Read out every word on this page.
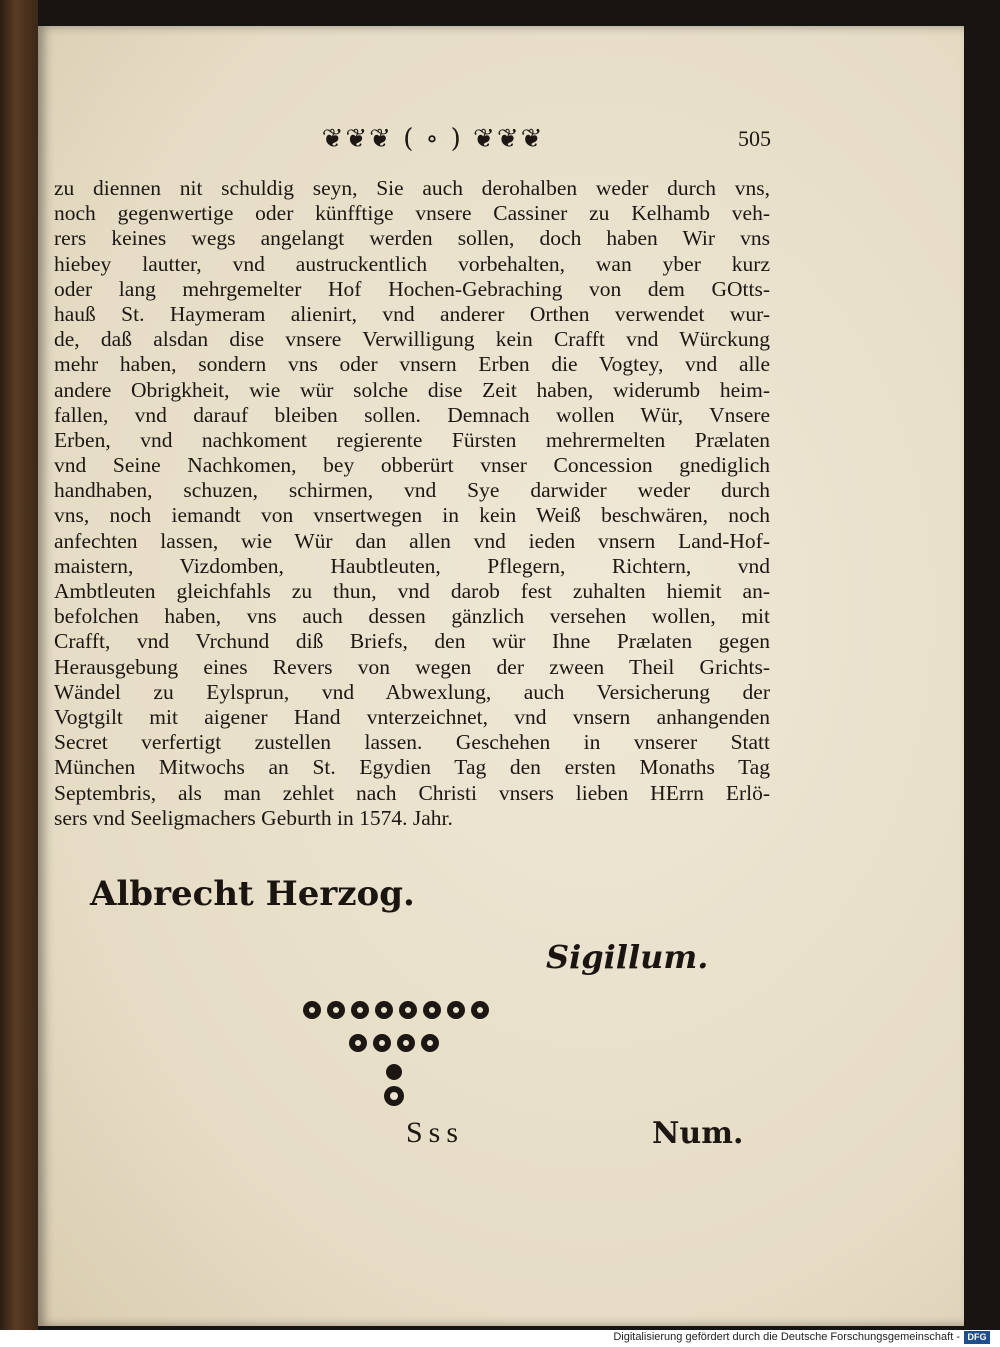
❦❦❦ ( ∘ ) ❦❦❦	505
zu diennen nit schuldig seyn, Sie auch derohalben weder durch vns,
noch gegenwertige oder künfftige vnsere Cassiner zu Kelhamb veh-
rers keines wegs angelangt werden sollen, doch haben Wir vns
hiebey lautter, vnd austruckentlich vorbehalten, wan yber kurz
oder lang mehrgemelter Hof Hochen-Gebraching von dem GOtts-
hauß St. Haymeram alienirt, vnd anderer Orthen verwendet wur-
de, daß alsdan dise vnsere Verwilligung kein Crafft vnd Würckung
mehr haben, sondern vns oder vnsern Erben die Vogtey, vnd alle
andere Obrigkheit, wie wür solche dise Zeit haben, widerumb heim-
fallen, vnd darauf bleiben sollen. Demnach wollen Wür, Vnsere
Erben, vnd nachkoment regierente Fürsten mehrermelten Prælaten
vnd Seine Nachkomen, bey obberürt vnser Concession gnediglich
handhaben, schuzen, schirmen, vnd Sye darwider weder durch
vns, noch iemandt von vnsertwegen in kein Weiß beschwären, noch
anfechten lassen, wie Wür dan allen vnd ieden vnsern Land-Hof-
maistern, Vizdomben, Haubtleuten, Pflegern, Richtern, vnd
Ambtleuten gleichfahls zu thun, vnd darob fest zuhalten hiemit an-
befolchen haben, vns auch dessen gänzlich versehen wollen, mit
Crafft, vnd Vrchund diß Briefs, den wür Ihne Prælaten gegen
Herausgebung eines Revers von wegen der zween Theil Grichts-
Wändel zu Eylsprun, vnd Abwexlung, auch Versicherung der
Vogtgilt mit aigener Hand vnterzeichnet, vnd vnsern anhangenden
Secret verfertigt zustellen lassen. Geschehen in vnserer Statt
München Mitwochs an St. Egydien Tag den ersten Monaths Tag
Septembris, als man zehlet nach Christi vnsers lieben HErrn Erlö-
sers vnd Seeligmachers Geburth in 1574. Jahr.
Albrecht Herzog.
Sigillum.
Sss	Num.
Digitalisierung gefördert durch die Deutsche Forschungsgemeinschaft - DFG
